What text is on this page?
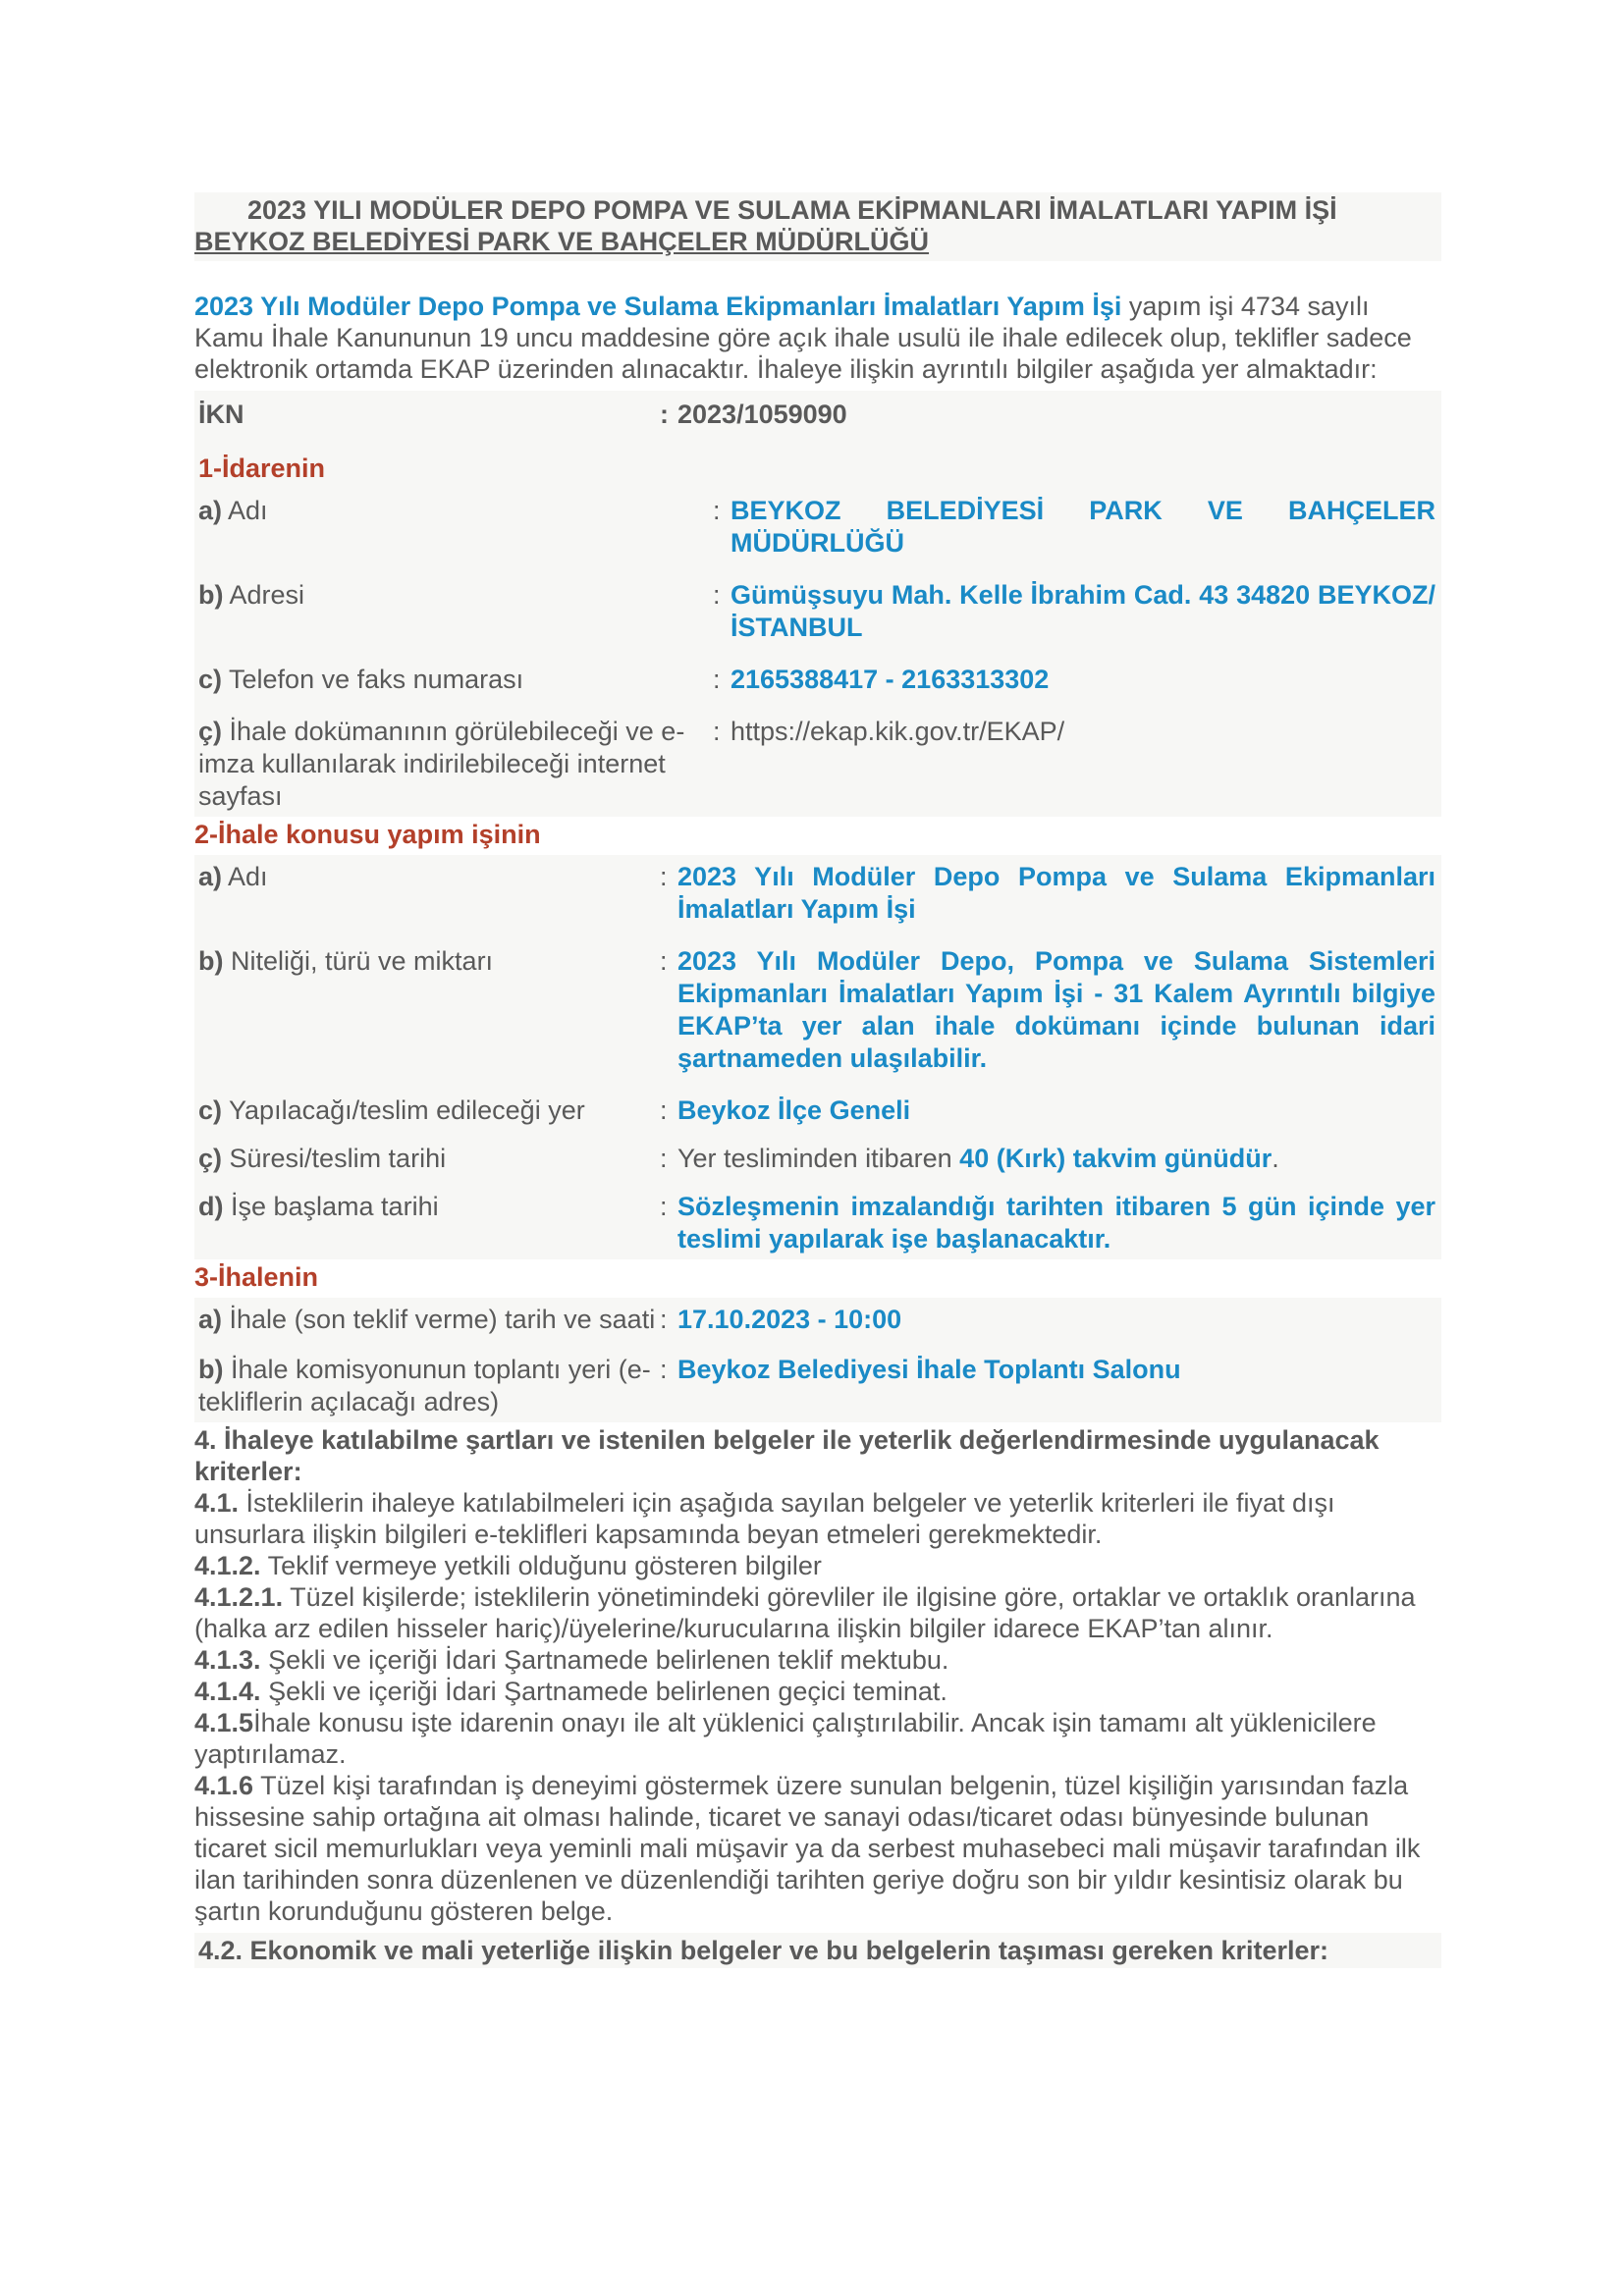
2023 YILI MODÜLER DEPO POMPA VE SULAMA EKİPMANLARI İMALATLARI YAPIM İŞİ
BEYKOZ BELEDİYESİ PARK VE BAHÇELER MÜDÜRLÜĞÜ
2023 Yılı Modüler Depo Pompa ve Sulama Ekipmanları İmalatları Yapım İşi yapım işi 4734 sayılı Kamu İhale Kanununun 19 uncu maddesine göre açık ihale usulü ile ihale edilecek olup, teklifler sadece elektronik ortamda EKAP üzerinden alınacaktır. İhaleye ilişkin ayrıntılı bilgiler aşağıda yer almaktadır:
İKN	: 2023/1059090
1-İdarenin
a) Adı	: BEYKOZ BELEDİYESİ PARK VE BAHÇELER MÜDÜRLÜĞÜ
b) Adresi	: Gümüşsuyu Mah. Kelle İbrahim Cad. 43 34820 BEYKOZ/İSTANBUL
c) Telefon ve faks numarası	: 2165388417 - 2163313302
ç) İhale dokümanının görülebileceği ve e-imza kullanılarak indirilebileceği internet sayfası
: https://ekap.kik.gov.tr/EKAP/
2-İhale konusu yapım işinin
a) Adı	: 2023 Yılı Modüler Depo Pompa ve Sulama Ekipmanları İmalatları Yapım İşi
b) Niteliği, türü ve miktarı	: 2023 Yılı Modüler Depo, Pompa ve Sulama Sistemleri Ekipmanları İmalatları Yapım İşi - 31 Kalem Ayrıntılı bilgiye EKAP’ta yer alan ihale dokümanı içinde bulunan idari şartnameden ulaşılabilir.
c) Yapılacağı/teslim edileceği yer	: Beykoz İlçe Geneli
ç) Süresi/teslim tarihi	: Yer tesliminden itibaren 40 (Kırk) takvim günüdür.
d) İşe başlama tarihi	: Sözleşmenin imzalandığı tarihten itibaren 5 gün içinde yer teslimi yapılarak işe başlanacaktır.
3-İhalenin
a) İhale (son teklif verme) tarih ve saati : 17.10.2023 - 10:00
b) İhale komisyonunun toplantı yeri (e-tekliflerin açılacağı adres)
: Beykoz Belediyesi İhale Toplantı Salonu
4. İhaleye katılabilme şartları ve istenilen belgeler ile yeterlik değerlendirmesinde uygulanacak kriterler:
4.1. İsteklilerin ihaleye katılabilmeleri için aşağıda sayılan belgeler ve yeterlik kriterleri ile fiyat dışı unsurlara ilişkin bilgileri e-teklifleri kapsamında beyan etmeleri gerekmektedir.
4.1.2. Teklif vermeye yetkili olduğunu gösteren bilgiler
4.1.2.1. Tüzel kişilerde; isteklilerin yönetimindeki görevliler ile ilgisine göre, ortaklar ve ortaklık oranlarına (halka arz edilen hisseler hariç)/üyelerine/kurucularına ilişkin bilgiler idarece EKAP’tan alınır.
4.1.3. Şekli ve içeriği İdari Şartnamede belirlenen teklif mektubu.
4.1.4. Şekli ve içeriği İdari Şartnamede belirlenen geçici teminat.
4.1.5İhale konusu işte idarenin onayı ile alt yüklenici çalıştırılabilir. Ancak işin tamamı alt yüklenicilere yaptırılamaz.
4.1.6 Tüzel kişi tarafından iş deneyimi göstermek üzere sunulan belgenin, tüzel kişiliğin yarısından fazla hissesine sahip ortağına ait olması halinde, ticaret ve sanayi odası/ticaret odası bünyesinde bulunan ticaret sicil memurlukları veya yeminli mali müşavir ya da serbest muhasebeci mali müşavir tarafından ilk ilan tarihinden sonra düzenlenen ve düzenlendiği tarihten geriye doğru son bir yıldır kesintisiz olarak bu şartın korunduğunu gösteren belge.
4.2. Ekonomik ve mali yeterliğe ilişkin belgeler ve bu belgelerin taşıması gereken kriterler:
